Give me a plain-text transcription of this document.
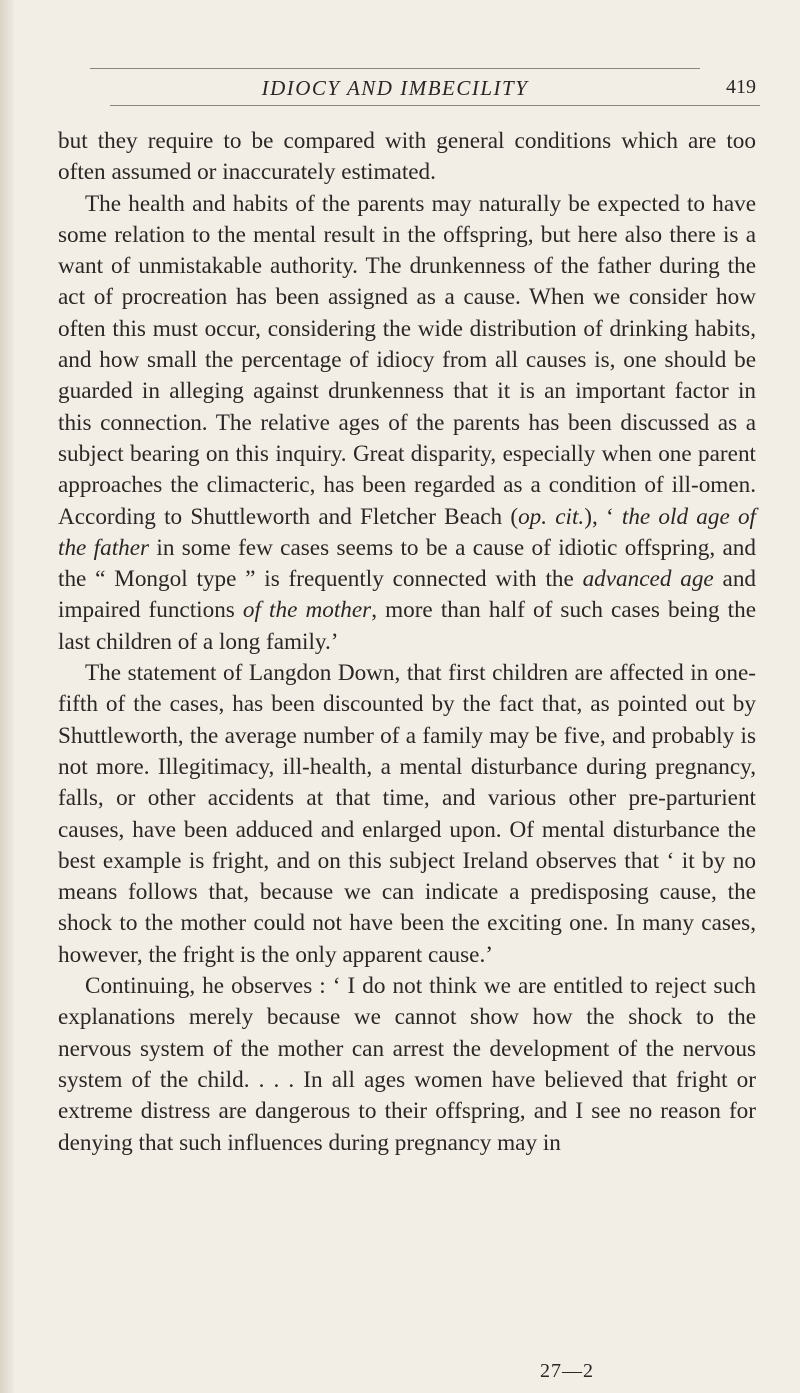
IDIOCY AND IMBECILITY	419

but they require to be compared with general conditions which are too often assumed or inaccurately estimated.

The health and habits of the parents may naturally be expected to have some relation to the mental result in the offspring, but here also there is a want of unmistakable authority. The drunkenness of the father during the act of procreation has been assigned as a cause. When we consider how often this must occur, considering the wide distribution of drinking habits, and how small the percentage of idiocy from all causes is, one should be guarded in alleging against drunkenness that it is an important factor in this connection. The relative ages of the parents has been discussed as a subject bearing on this inquiry. Great disparity, especially when one parent approaches the climacteric, has been regarded as a condition of ill-omen. According to Shuttleworth and Fletcher Beach (op. cit.), ‘ the old age of the father in some few cases seems to be a cause of idiotic offspring, and the “ Mongol type ” is frequently connected with the advanced age and impaired functions of the mother, more than half of such cases being the last children of a long family.’

The statement of Langdon Down, that first children are affected in one-fifth of the cases, has been discounted by the fact that, as pointed out by Shuttleworth, the average number of a family may be five, and probably is not more. Illegitimacy, ill-health, a mental disturbance during pregnancy, falls, or other accidents at that time, and various other pre-parturient causes, have been adduced and enlarged upon. Of mental disturbance the best example is fright, and on this subject Ireland observes that ‘ it by no means follows that, because we can indicate a predisposing cause, the shock to the mother could not have been the exciting one. In many cases, however, the fright is the only apparent cause.’

Continuing, he observes : ‘ I do not think we are entitled to reject such explanations merely because we cannot show how the shock to the nervous system of the mother can arrest the development of the nervous system of the child. . . . In all ages women have believed that fright or extreme distress are dangerous to their offspring, and I see no reason for denying that such influences during pregnancy may in

27—2
